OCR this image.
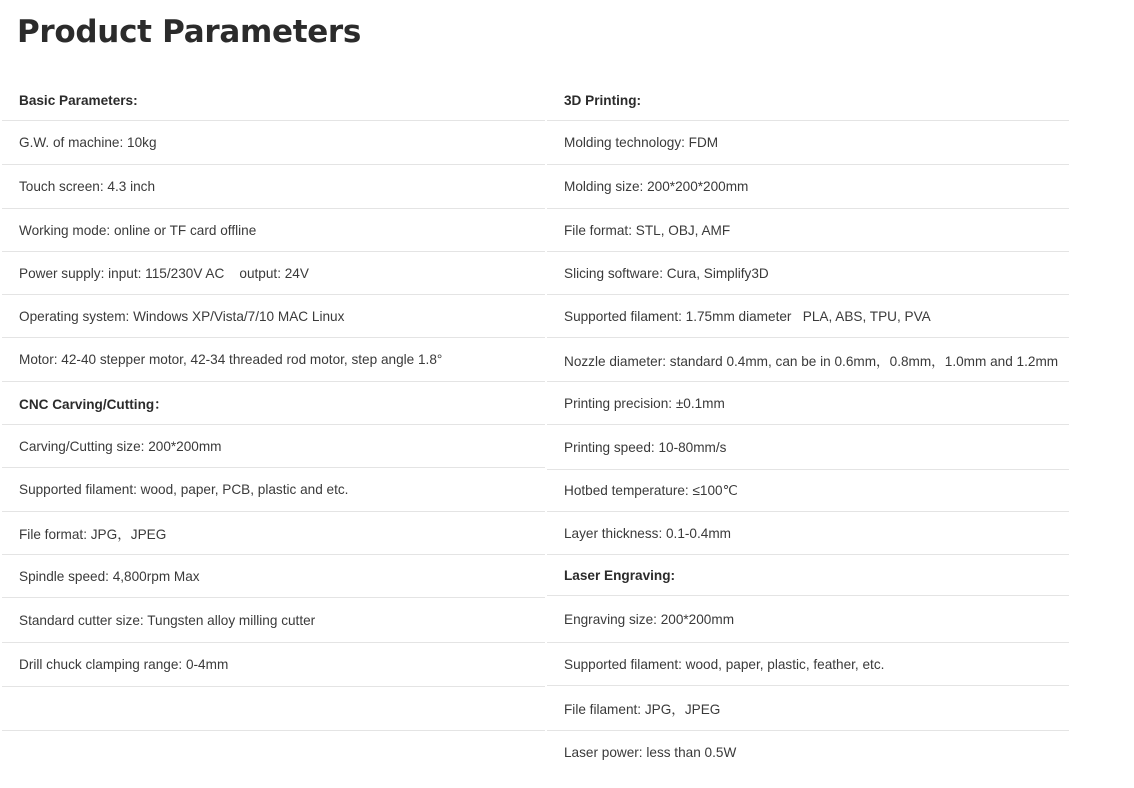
Product Parameters
Basic Parameters:
G.W. of machine: 10kg
Touch screen: 4.3 inch
Working mode: online or TF card offline
Power supply: input: 115/230V AC    output: 24V
Operating system: Windows XP/Vista/7/10 MAC Linux
Motor: 42-40 stepper motor, 42-34 threaded rod motor, step angle 1.8°
CNC Carving/Cutting：
Carving/Cutting size: 200*200mm
Supported filament: wood, paper, PCB, plastic and etc.
File format: JPG，JPEG
Spindle speed: 4,800rpm Max
Standard cutter size: Tungsten alloy milling cutter
Drill chuck clamping range: 0-4mm
3D Printing:
Molding technology: FDM
Molding size: 200*200*200mm
File format: STL, OBJ, AMF
Slicing software: Cura, Simplify3D
Supported filament: 1.75mm diameter   PLA, ABS, TPU, PVA
Nozzle diameter: standard 0.4mm, can be in 0.6mm，0.8mm，1.0mm and 1.2mm
Printing precision: ±0.1mm
Printing speed: 10-80mm/s
Hotbed temperature: ≤100℃
Layer thickness: 0.1-0.4mm
Laser Engraving:
Engraving size: 200*200mm
Supported filament: wood, paper, plastic, feather, etc.
File filament: JPG，JPEG
Laser power: less than 0.5W
